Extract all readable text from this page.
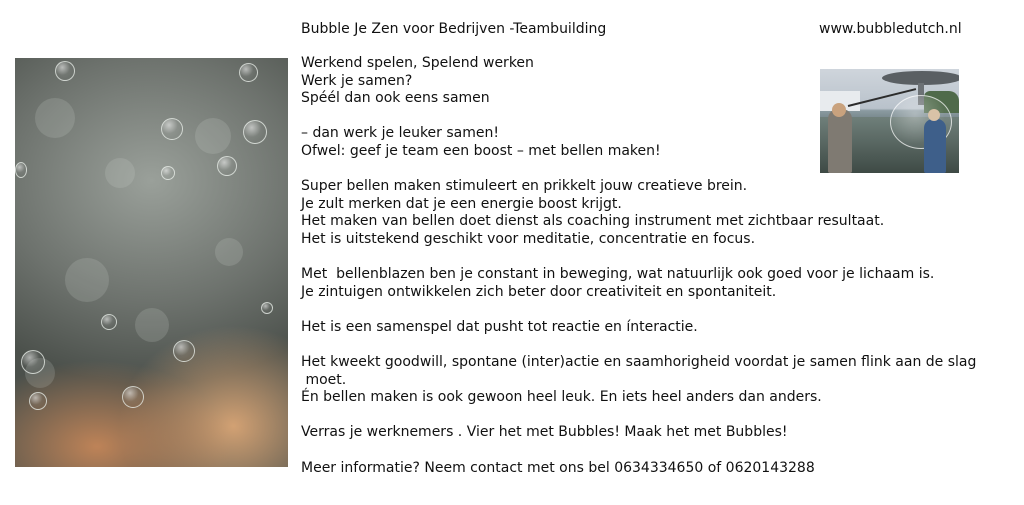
Bubble Je Zen voor Bedrijven -Teambuilding	www.bubbledutch.nl
Werkend spelen, Spelend werken
Werk je samen?
Spéél dan ook eens samen
– dan werk je leuker samen!
Ofwel: geef je team een boost – met bellen maken!
Super bellen maken stimuleert en prikkelt jouw creatieve brein.
Je zult merken dat je een energie boost krijgt.
Het maken van bellen doet dienst als coaching instrument met zichtbaar resultaat.
Het is uitstekend geschikt voor meditatie, concentratie en focus.
Met  bellenblazen ben je constant in beweging, wat natuurlijk ook goed voor je lichaam is.
Je zintuigen ontwikkelen zich beter door creativiteit en spontaniteit.
Het is een samenspel dat pusht tot reactie en ínteractie.
Het kweekt goodwill, spontane (inter)actie en saamhorigheid voordat je samen flink aan de slag
moet.
Én bellen maken is ook gewoon heel leuk. En iets heel anders dan anders.
Verras je werknemers . Vier het met Bubbles! Maak het met Bubbles!
Meer informatie? Neem contact met ons bel 0634334650 of 0620143288
